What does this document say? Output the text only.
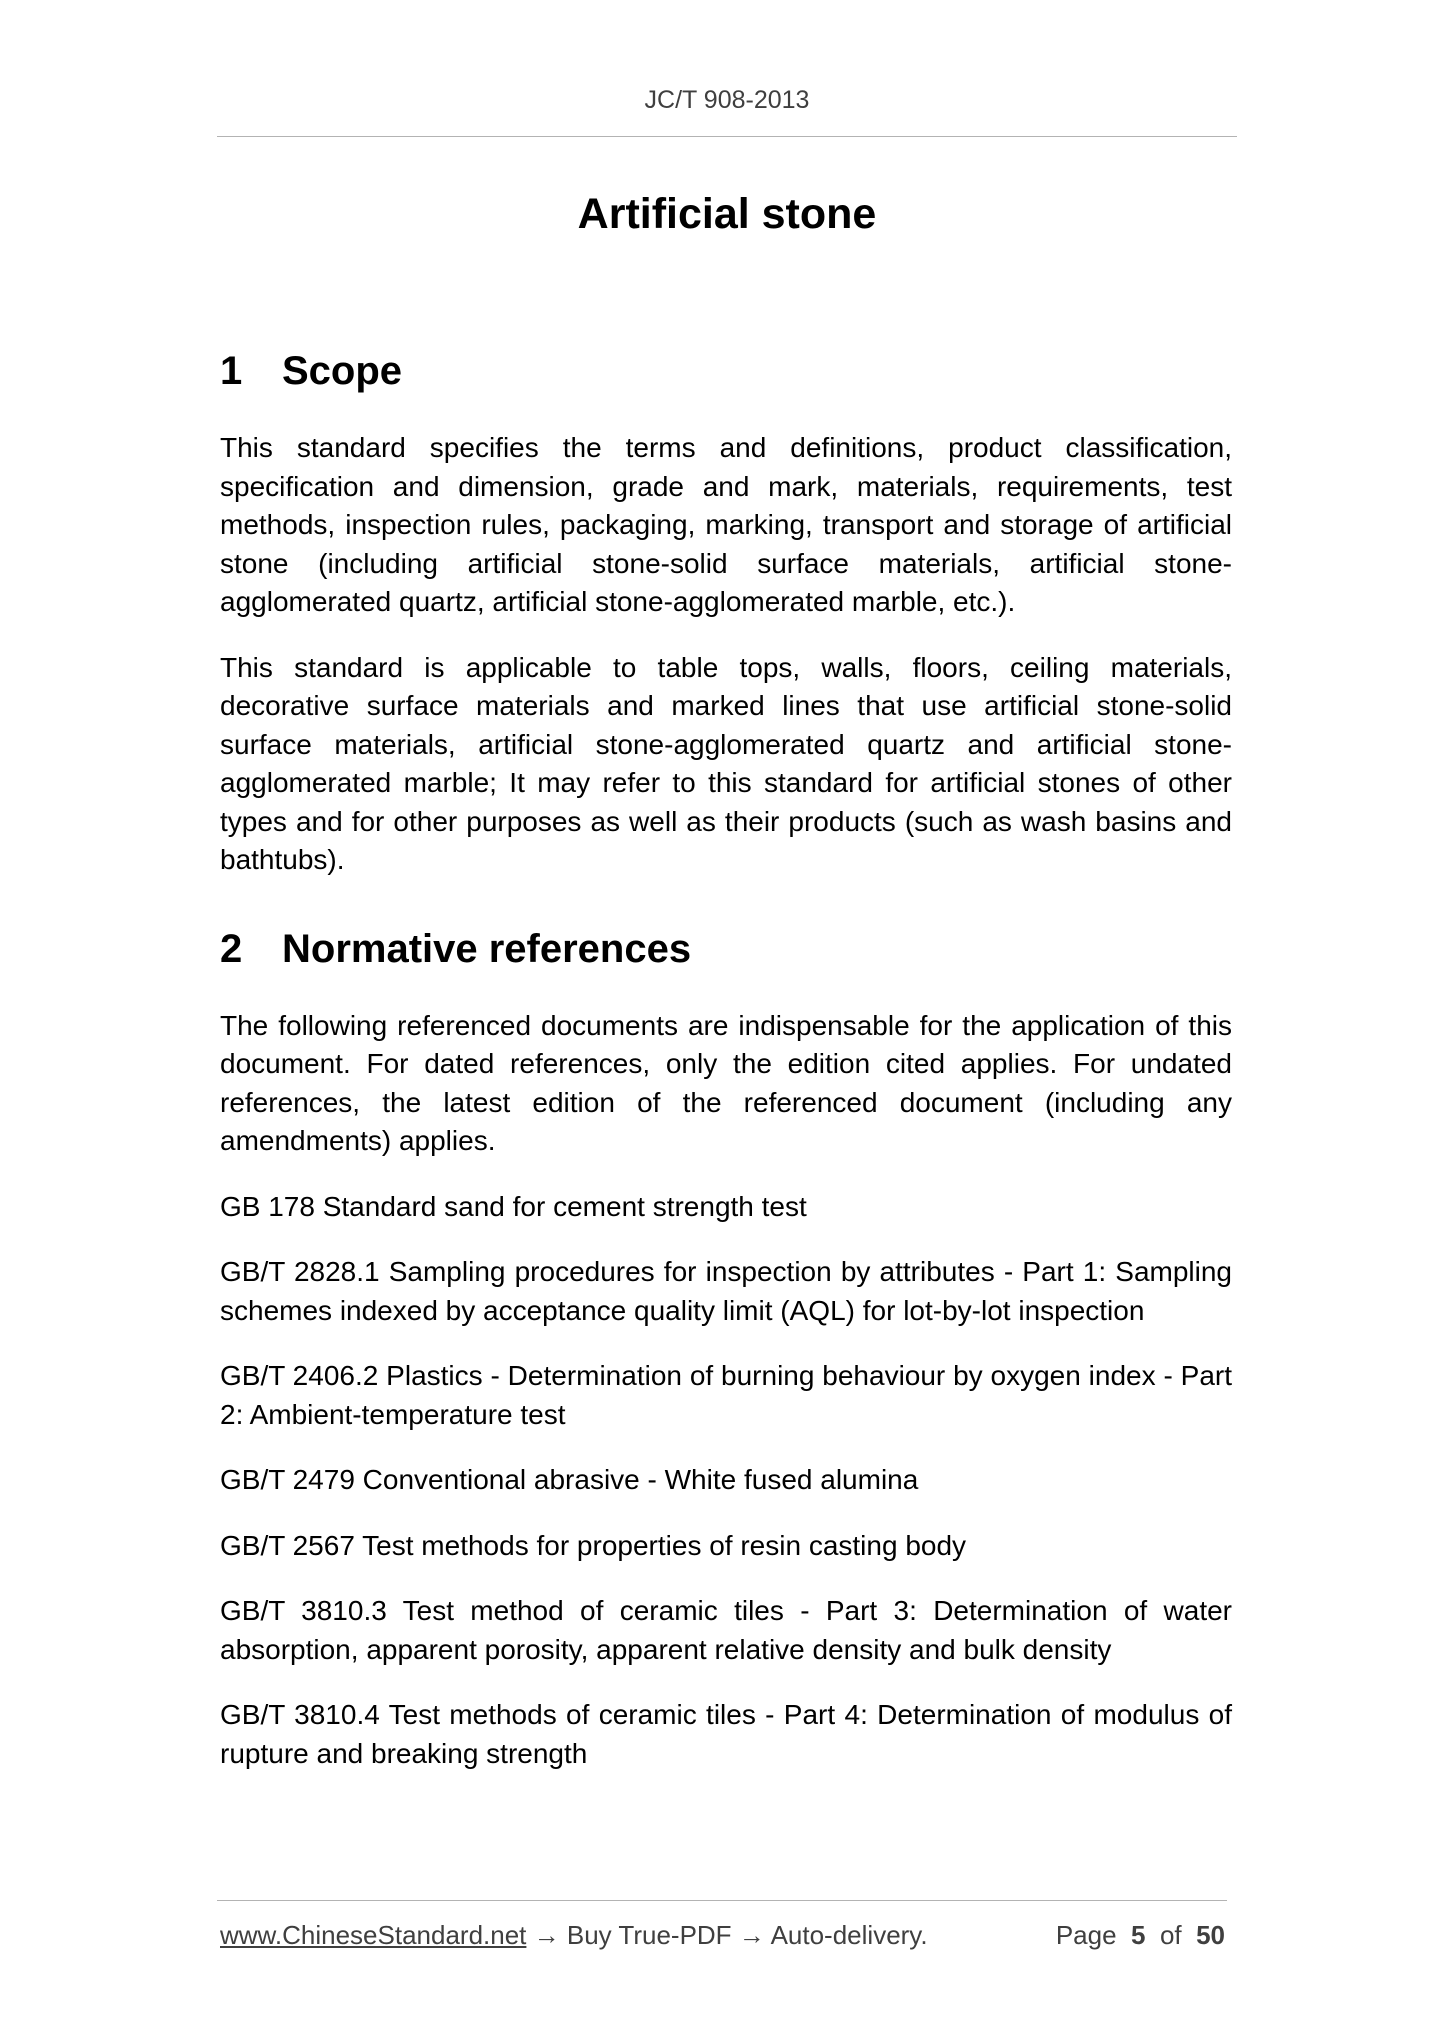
JC/T 908-2013
Artificial stone
1 Scope

This standard specifies the terms and definitions, product classification, specification and dimension, grade and mark, materials, requirements, test methods, inspection rules, packaging, marking, transport and storage of artificial stone (including artificial stone-solid surface materials, artificial stone-agglomerated quartz, artificial stone-agglomerated marble, etc.).

This standard is applicable to table tops, walls, floors, ceiling materials, decorative surface materials and marked lines that use artificial stone-solid surface materials, artificial stone-agglomerated quartz and artificial stone-agglomerated marble; It may refer to this standard for artificial stones of other types and for other purposes as well as their products (such as wash basins and bathtubs).

2 Normative references

The following referenced documents are indispensable for the application of this document. For dated references, only the edition cited applies. For undated references, the latest edition of the referenced document (including any amendments) applies.

GB 178 Standard sand for cement strength test

GB/T 2828.1 Sampling procedures for inspection by attributes - Part 1: Sampling schemes indexed by acceptance quality limit (AQL) for lot-by-lot inspection

GB/T 2406.2 Plastics - Determination of burning behaviour by oxygen index - Part 2: Ambient-temperature test

GB/T 2479 Conventional abrasive - White fused alumina

GB/T 2567 Test methods for properties of resin casting body

GB/T 3810.3 Test method of ceramic tiles - Part 3: Determination of water absorption, apparent porosity, apparent relative density and bulk density

GB/T 3810.4 Test methods of ceramic tiles - Part 4: Determination of modulus of rupture and breaking strength

www.ChineseStandard.net → Buy True-PDF → Auto-delivery.	Page 5 of 50
